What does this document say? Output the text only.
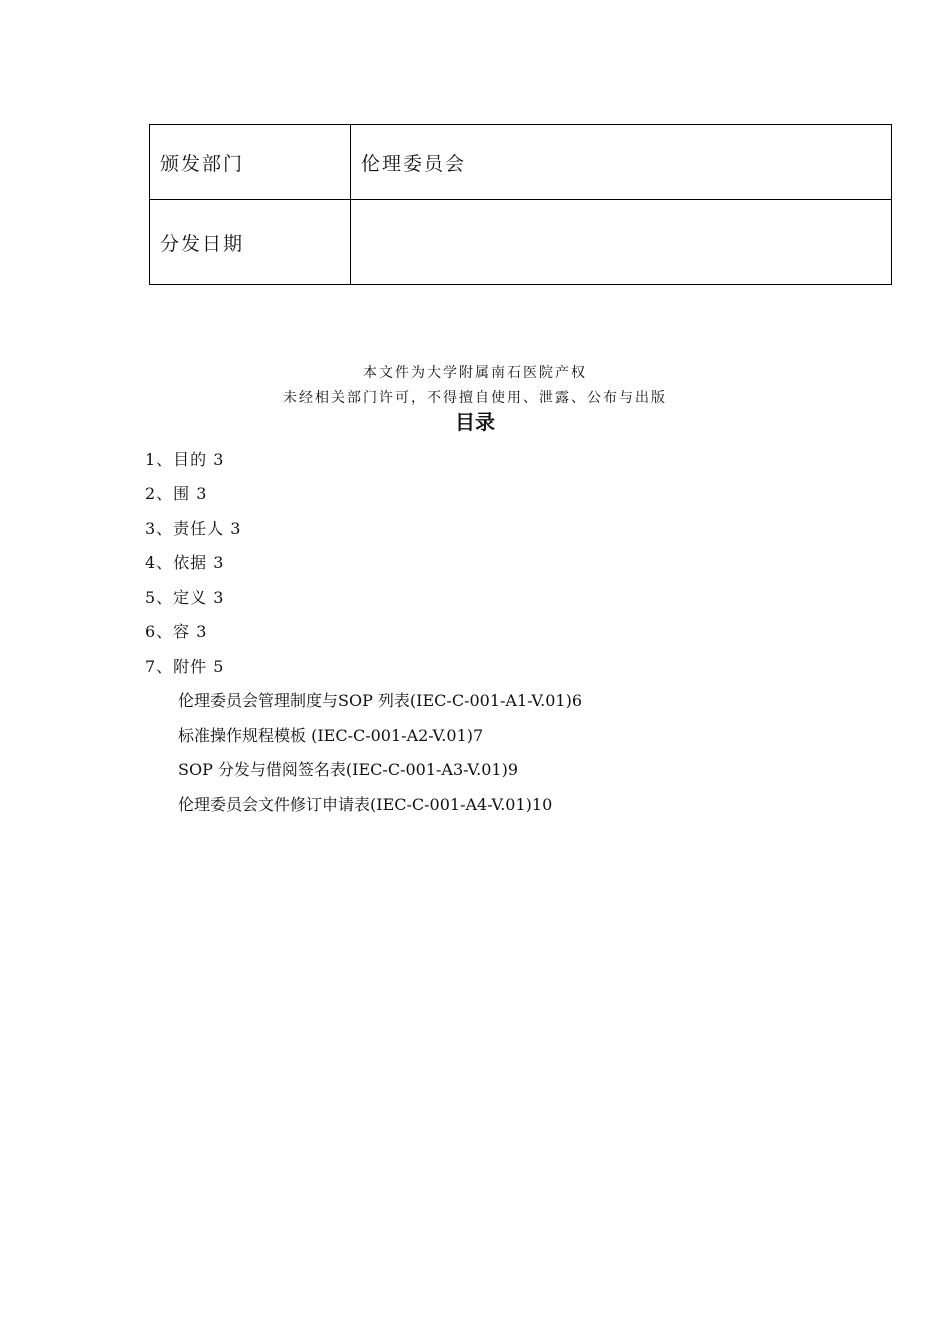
颁发部门	伦理委员会
分发日期	
本文件为大学附属南石医院产权
未经相关部门许可，不得擅自使用、泄露、公布与出版
目录
1、目的 3
2、围 3
3、责任人 3
4、依据 3
5、定义 3
6、容 3
7、附件 5
伦理委员会管理制度与SOP 列表(IEC-C-001-A1-V.01)6
标准操作规程模板 (IEC-C-001-A2-V.01)7
SOP 分发与借阅签名表(IEC-C-001-A3-V.01)9
伦理委员会文件修订申请表(IEC-C-001-A4-V.01)10
